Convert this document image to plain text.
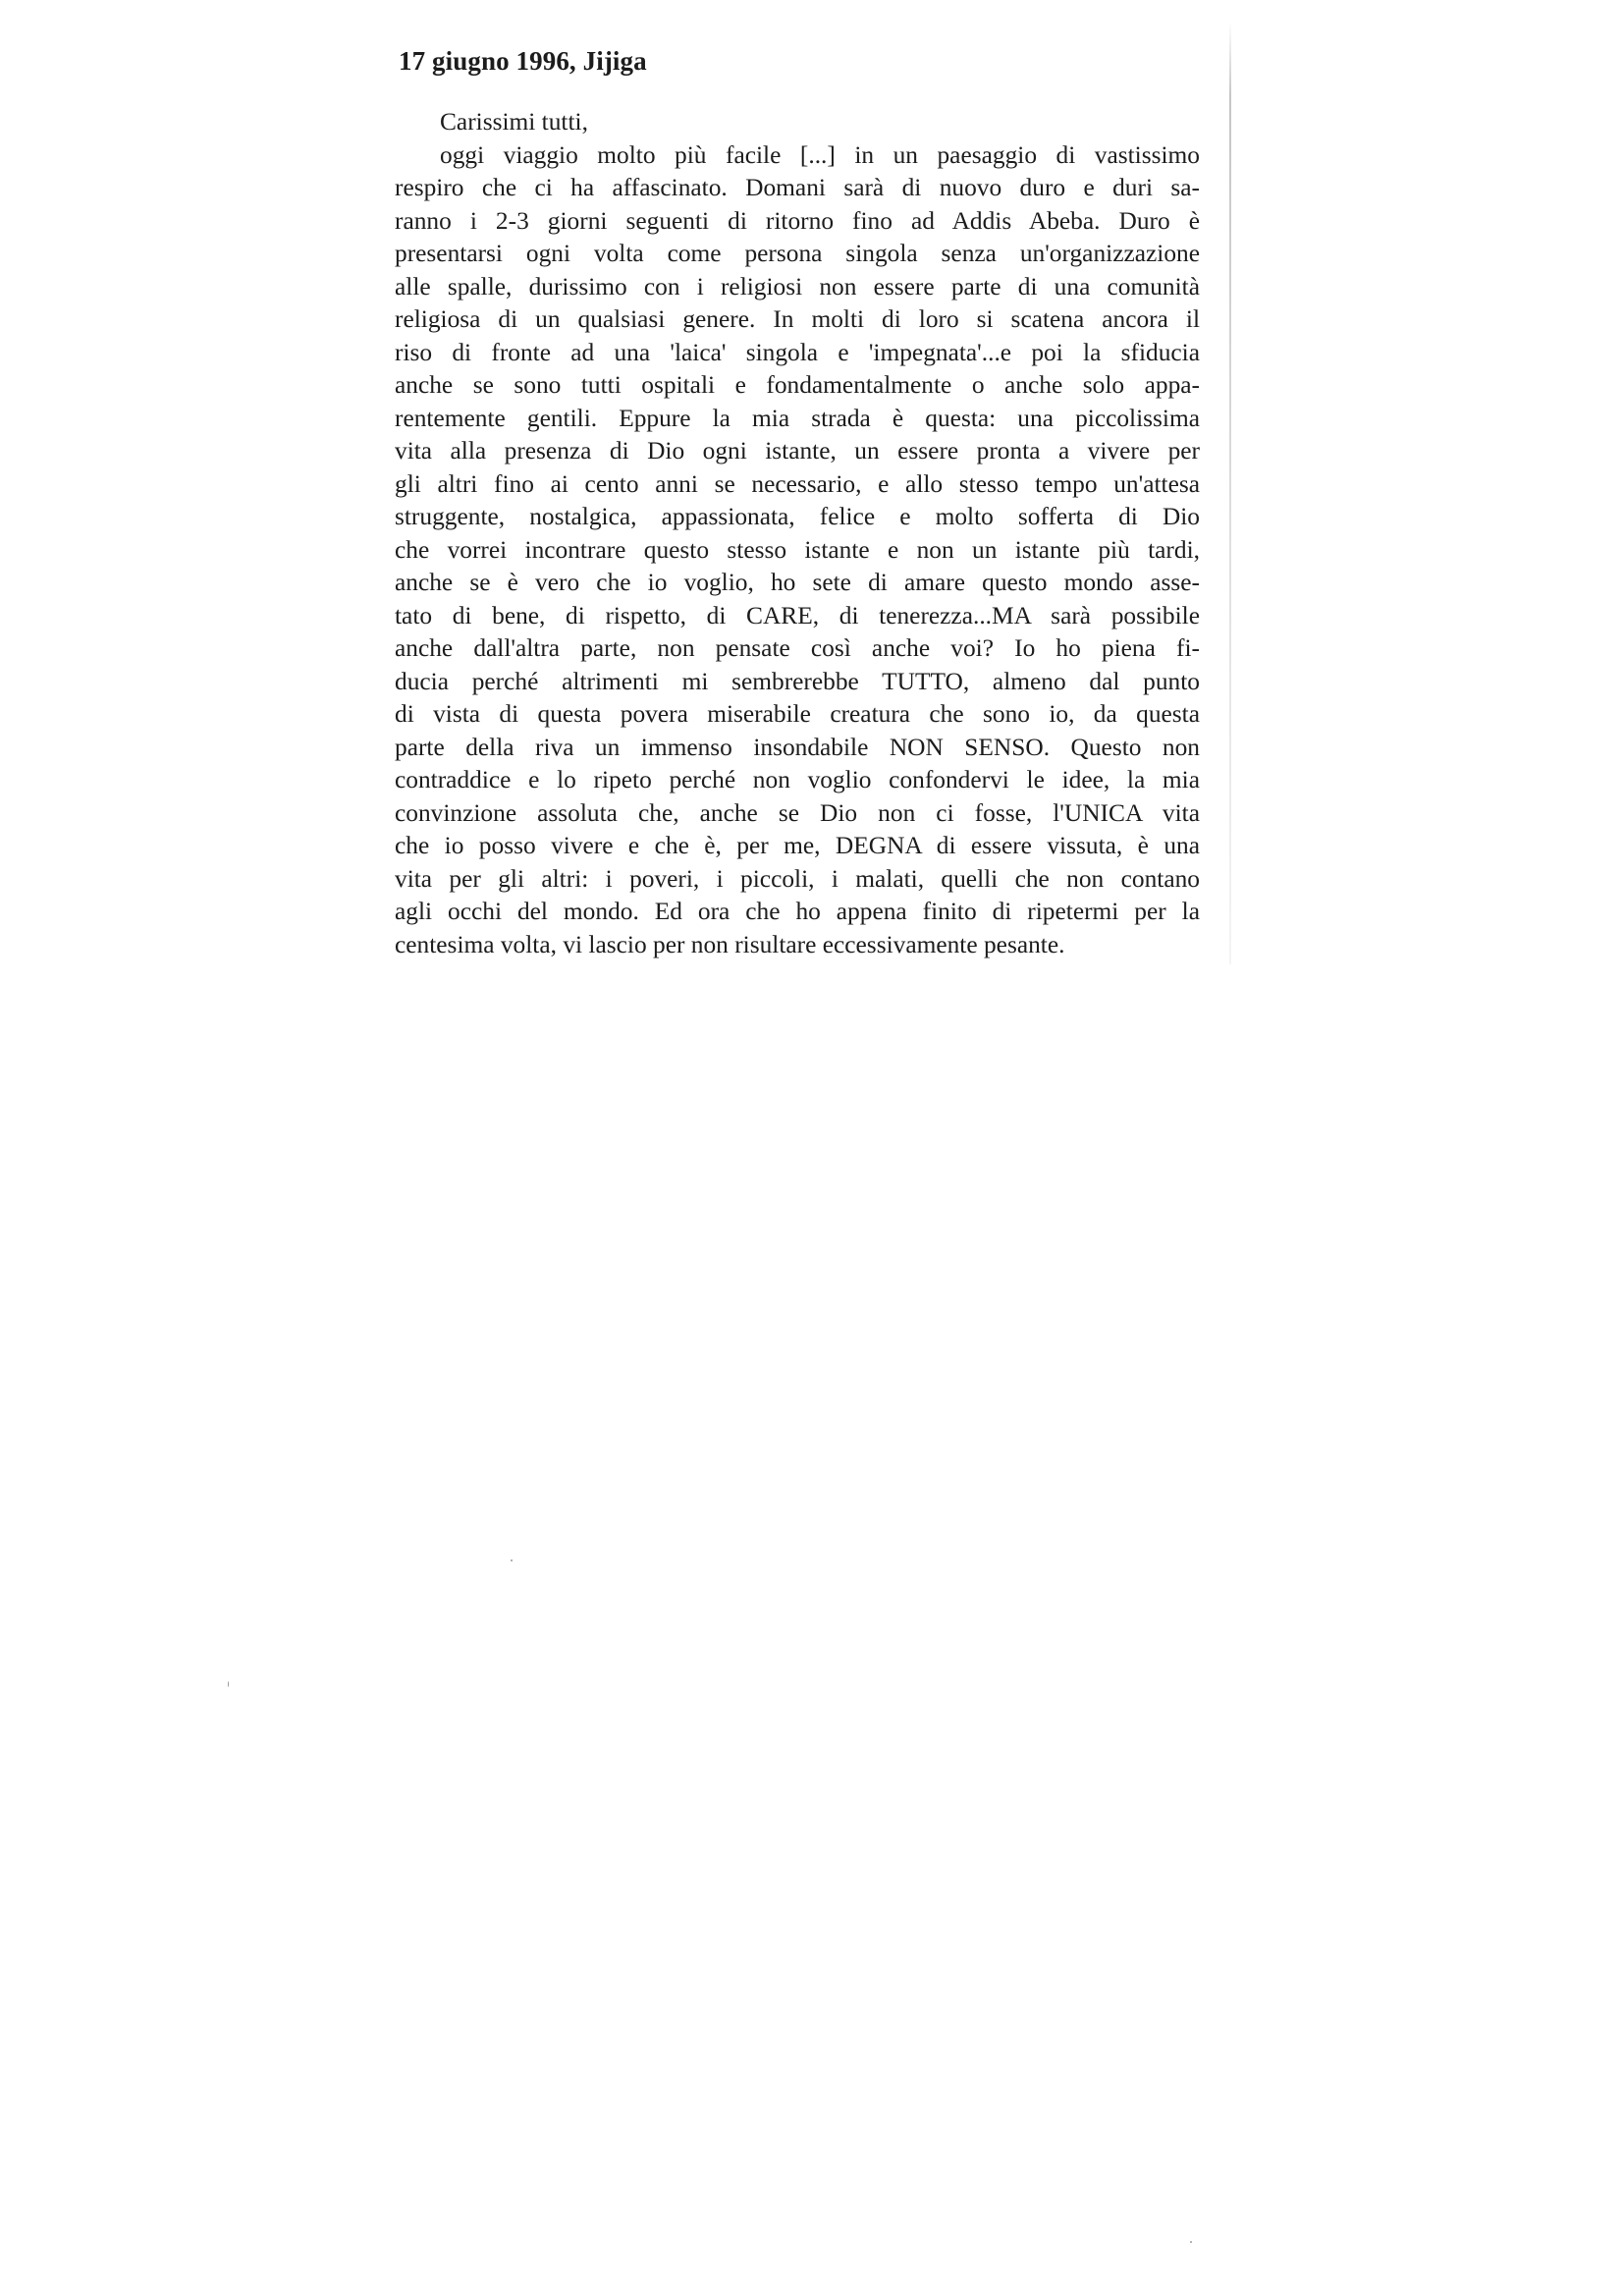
17 giugno 1996, Jijiga
Carissimi tutti,
oggi viaggio molto più facile [...] in un paesaggio di vastissimo
respiro che ci ha affascinato. Domani sarà di nuovo duro e duri sa-
ranno i 2-3 giorni seguenti di ritorno fino ad Addis Abeba. Duro è
presentarsi ogni volta come persona singola senza un'organizzazione
alle spalle, durissimo con i religiosi non essere parte di una comunità
religiosa di un qualsiasi genere. In molti di loro si scatena ancora il
riso di fronte ad una 'laica' singola e 'impegnata'...e poi la sfiducia
anche se sono tutti ospitali e fondamentalmente o anche solo appa-
rentemente gentili. Eppure la mia strada è questa: una piccolissima
vita alla presenza di Dio ogni istante, un essere pronta a vivere per
gli altri fino ai cento anni se necessario, e allo stesso tempo un'attesa
struggente, nostalgica, appassionata, felice e molto sofferta di Dio
che vorrei incontrare questo stesso istante e non un istante più tardi,
anche se è vero che io voglio, ho sete di amare questo mondo asse-
tato di bene, di rispetto, di CARE, di tenerezza...MA sarà possibile
anche dall'altra parte, non pensate così anche voi? Io ho piena fi-
ducia perché altrimenti mi sembrerebbe TUTTO, almeno dal punto
di vista di questa povera miserabile creatura che sono io, da questa
parte della riva un immenso insondabile NON SENSO. Questo non
contraddice e lo ripeto perché non voglio confondervi le idee, la mia
convinzione assoluta che, anche se Dio non ci fosse, l'UNICA vita
che io posso vivere e che è, per me, DEGNA di essere vissuta, è una
vita per gli altri: i poveri, i piccoli, i malati, quelli che non contano
agli occhi del mondo. Ed ora che ho appena finito di ripetermi per la
centesima volta, vi lascio per non risultare eccessivamente pesante.
